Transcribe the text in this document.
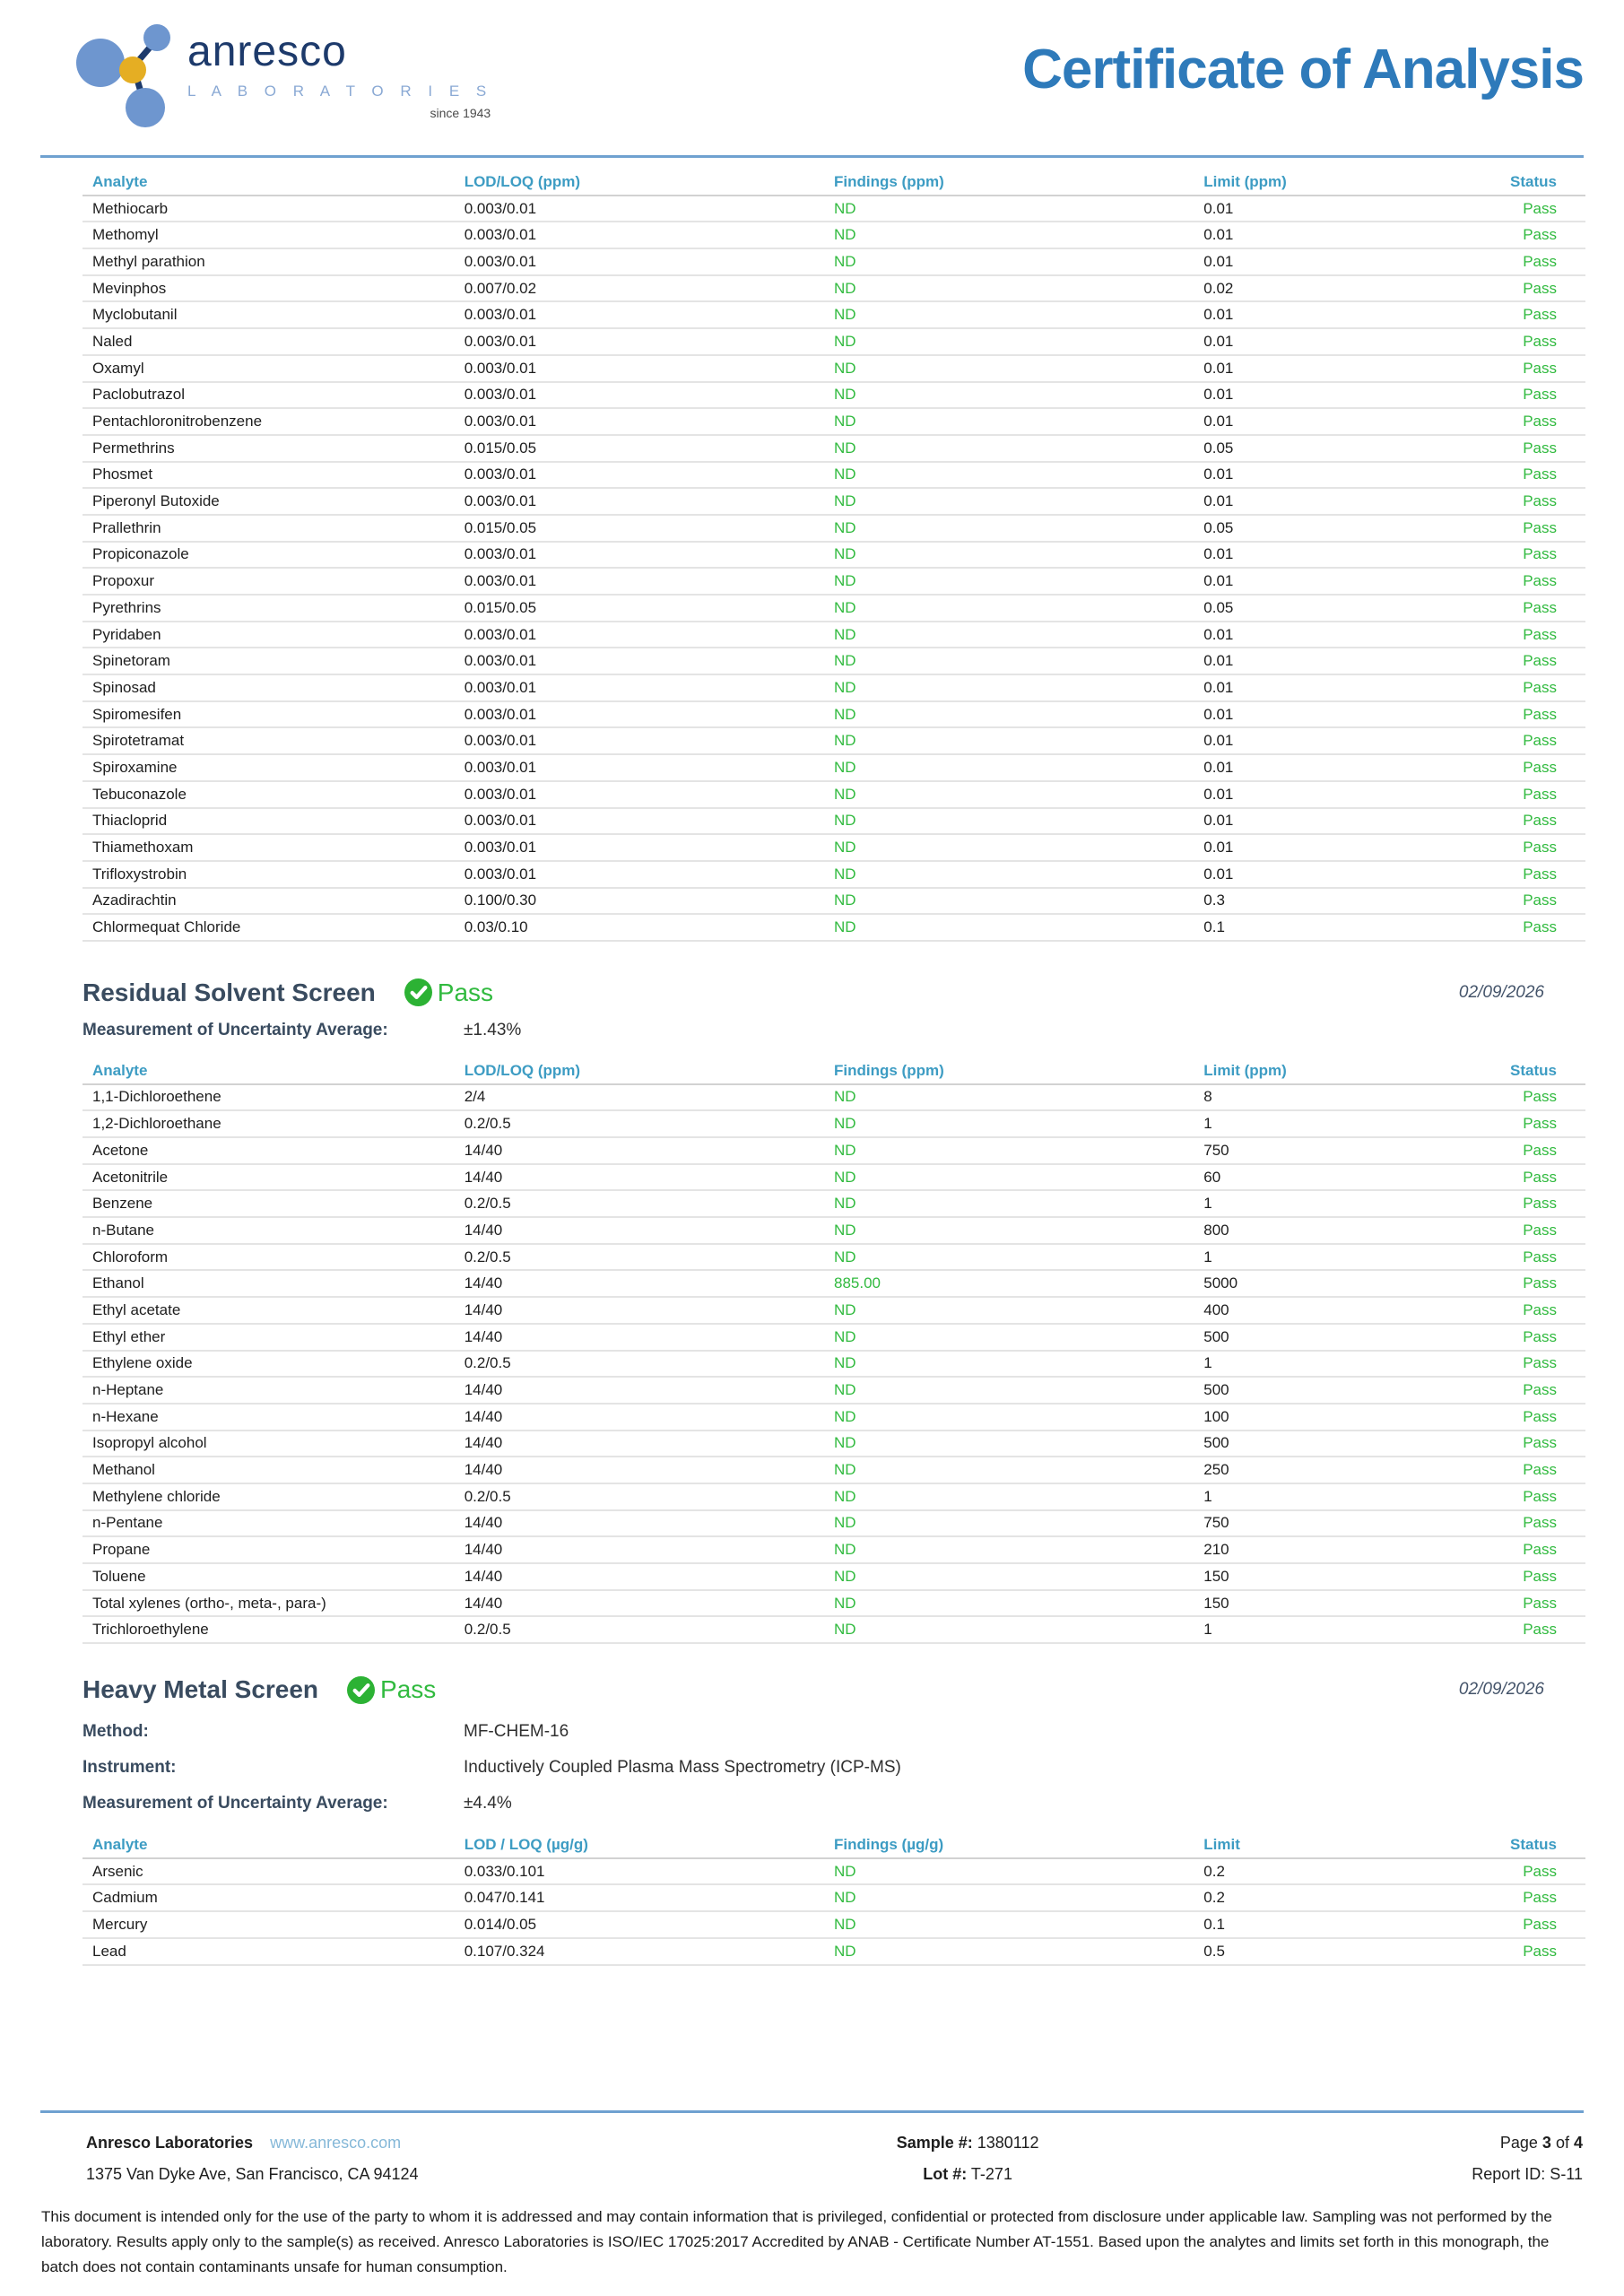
anresco
L A B O R A T O R I E S
since 1943
Certificate of Analysis
Analyte	LOD/LOQ (ppm)	Findings (ppm)	Limit (ppm)	Status
Methiocarb	0.003/0.01	ND	0.01	Pass
Methomyl	0.003/0.01	ND	0.01	Pass
Methyl parathion	0.003/0.01	ND	0.01	Pass
Mevinphos	0.007/0.02	ND	0.02	Pass
Myclobutanil	0.003/0.01	ND	0.01	Pass
Naled	0.003/0.01	ND	0.01	Pass
Oxamyl	0.003/0.01	ND	0.01	Pass
Paclobutrazol	0.003/0.01	ND	0.01	Pass
Pentachloronitrobenzene	0.003/0.01	ND	0.01	Pass
Permethrins	0.015/0.05	ND	0.05	Pass
Phosmet	0.003/0.01	ND	0.01	Pass
Piperonyl Butoxide	0.003/0.01	ND	0.01	Pass
Prallethrin	0.015/0.05	ND	0.05	Pass
Propiconazole	0.003/0.01	ND	0.01	Pass
Propoxur	0.003/0.01	ND	0.01	Pass
Pyrethrins	0.015/0.05	ND	0.05	Pass
Pyridaben	0.003/0.01	ND	0.01	Pass
Spinetoram	0.003/0.01	ND	0.01	Pass
Spinosad	0.003/0.01	ND	0.01	Pass
Spiromesifen	0.003/0.01	ND	0.01	Pass
Spirotetramat	0.003/0.01	ND	0.01	Pass
Spiroxamine	0.003/0.01	ND	0.01	Pass
Tebuconazole	0.003/0.01	ND	0.01	Pass
Thiacloprid	0.003/0.01	ND	0.01	Pass
Thiamethoxam	0.003/0.01	ND	0.01	Pass
Trifloxystrobin	0.003/0.01	ND	0.01	Pass
Azadirachtin	0.100/0.30	ND	0.3	Pass
Chlormequat Chloride	0.03/0.10	ND	0.1	Pass
Residual Solvent Screen Pass	02/09/2026
Measurement of Uncertainty Average:	±1.43%
Analyte	LOD/LOQ (ppm)	Findings (ppm)	Limit (ppm)	Status
1,1-Dichloroethene	2/4	ND	8	Pass
1,2-Dichloroethane	0.2/0.5	ND	1	Pass
Acetone	14/40	ND	750	Pass
Acetonitrile	14/40	ND	60	Pass
Benzene	0.2/0.5	ND	1	Pass
n-Butane	14/40	ND	800	Pass
Chloroform	0.2/0.5	ND	1	Pass
Ethanol	14/40	885.00	5000	Pass
Ethyl acetate	14/40	ND	400	Pass
Ethyl ether	14/40	ND	500	Pass
Ethylene oxide	0.2/0.5	ND	1	Pass
n-Heptane	14/40	ND	500	Pass
n-Hexane	14/40	ND	100	Pass
Isopropyl alcohol	14/40	ND	500	Pass
Methanol	14/40	ND	250	Pass
Methylene chloride	0.2/0.5	ND	1	Pass
n-Pentane	14/40	ND	750	Pass
Propane	14/40	ND	210	Pass
Toluene	14/40	ND	150	Pass
Total xylenes (ortho-, meta-, para-)	14/40	ND	150	Pass
Trichloroethylene	0.2/0.5	ND	1	Pass
Heavy Metal Screen Pass	02/09/2026
Method:	MF-CHEM-16
Instrument:	Inductively Coupled Plasma Mass Spectrometry (ICP-MS)
Measurement of Uncertainty Average:	±4.4%
Analyte	LOD / LOQ (µg/g)	Findings (µg/g)	Limit	Status
Arsenic	0.033/0.101	ND	0.2	Pass
Cadmium	0.047/0.141	ND	0.2	Pass
Mercury	0.014/0.05	ND	0.1	Pass
Lead	0.107/0.324	ND	0.5	Pass
Anresco Laboratories www.anresco.com
1375 Van Dyke Ave, San Francisco, CA 94124
Sample #: 1380112
Lot #: T-271
Page 3 of 4
Report ID: S-11
This document is intended only for the use of the party to whom it is addressed and may contain information that is privileged, confidential or protected from disclosure under applicable law. Sampling was not performed by the laboratory. Results apply only to the sample(s) as received. Anresco Laboratories is ISO/IEC 17025:2017 Accredited by ANAB - Certificate Number AT-1551. Based upon the analytes and limits set forth in this monograph, the batch does not contain contaminants unsafe for human consumption.
